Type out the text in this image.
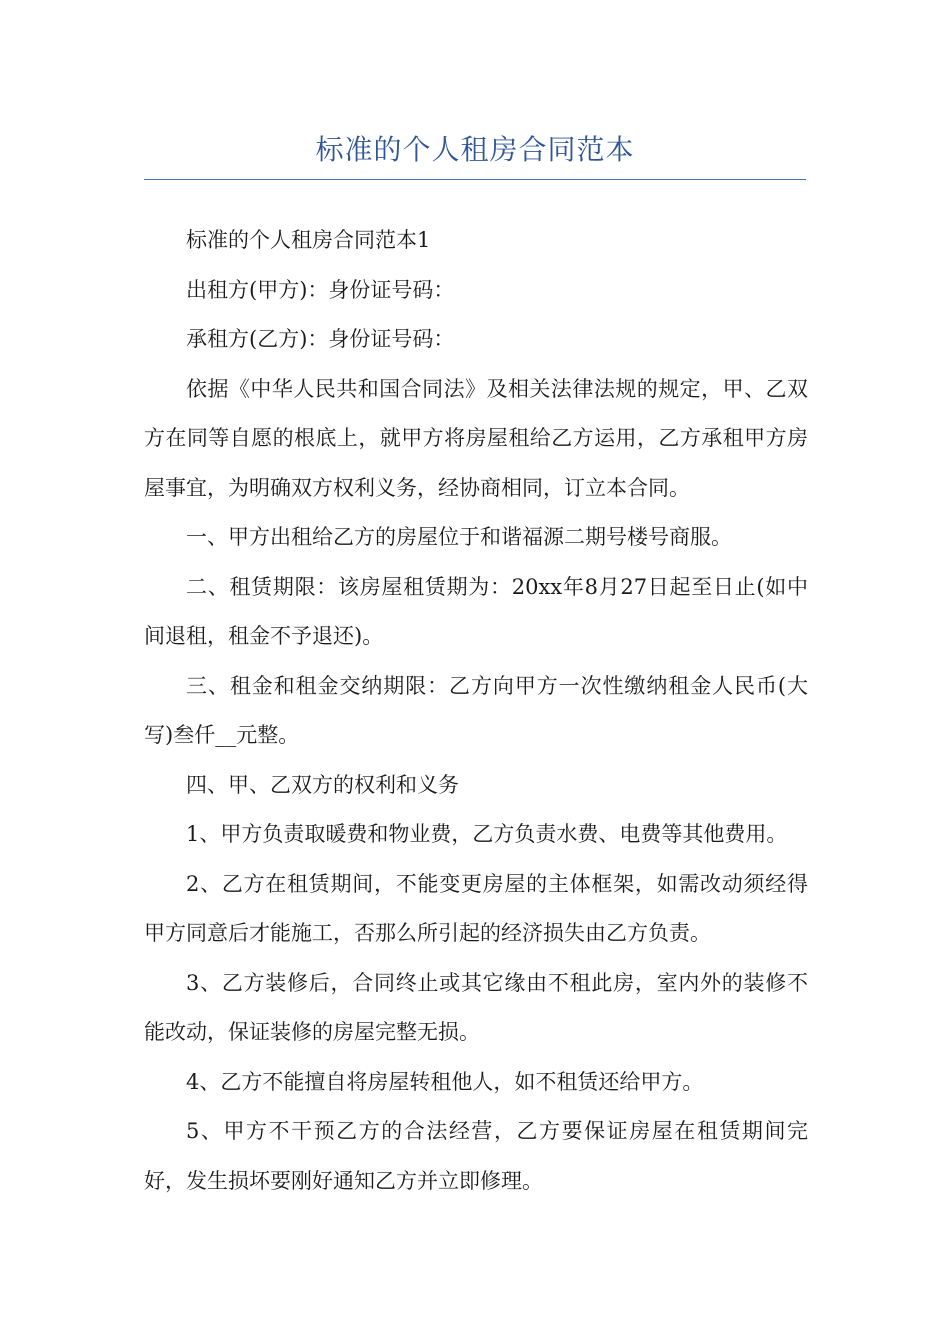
标准的个人租房合同范本

标准的个人租房合同范本1

出租方(甲方)：身份证号码：

承租方(乙方)：身份证号码：

依据《中华人民共和国合同法》及相关法律法规的规定，甲、乙双方在同等自愿的根底上，就甲方将房屋租给乙方运用，乙方承租甲方房屋事宜，为明确双方权利义务，经协商相同，订立本合同。

一、甲方出租给乙方的房屋位于和谐福源二期号楼号商服。

二、租赁期限：该房屋租赁期为：20xx年8月27日起至日止(如中间退租，租金不予退还)。

三、租金和租金交纳期限：乙方向甲方一次性缴纳租金人民币(大写)叁仟__元整。

四、甲、乙双方的权利和义务

1、甲方负责取暖费和物业费，乙方负责水费、电费等其他费用。

2、乙方在租赁期间，不能变更房屋的主体框架，如需改动须经得甲方同意后才能施工，否那么所引起的经济损失由乙方负责。

3、乙方装修后，合同终止或其它缘由不租此房，室内外的装修不能改动，保证装修的房屋完整无损。

4、乙方不能擅自将房屋转租他人，如不租赁还给甲方。

5、甲方不干预乙方的合法经营，乙方要保证房屋在租赁期间完好，发生损坏要刚好通知乙方并立即修理。
